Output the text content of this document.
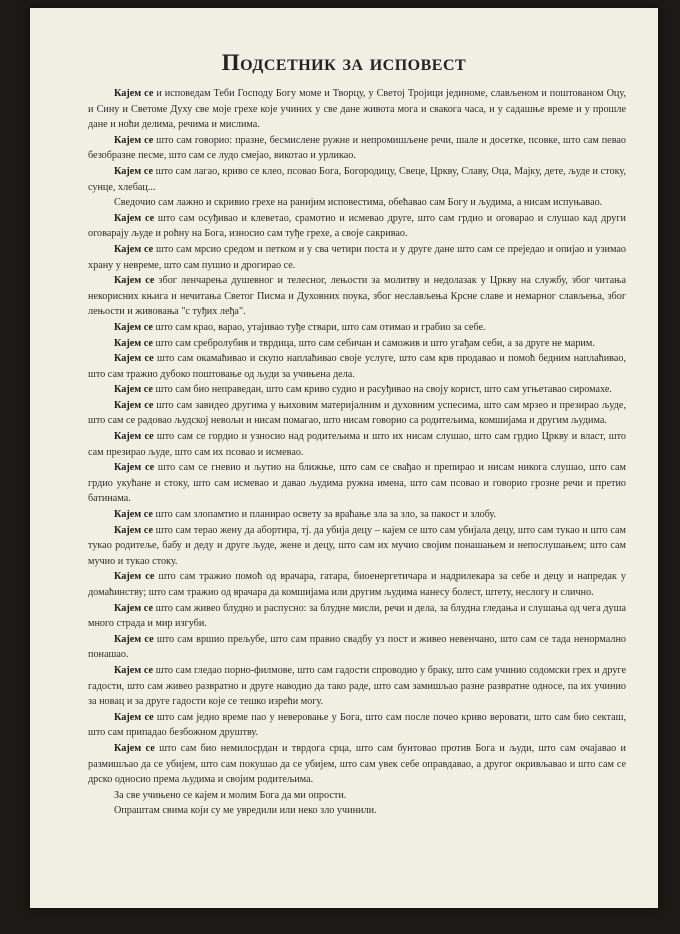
Подсетник за исповест

Кајем се и исповедам Теби Господу Богу моме и Творцу, у Светој Тројици јединоме, слављеном и поштованом Оцу, и Сину и Светоме Духу све моје грехе које учиних у све дане живота мога и свакога часа, и у садашње време и у прошле дане и ноћи делима, речима и мислима.

Кајем се што сам говорио: празне, бесмислене ружне и непромишљене речи, шале и досетке, псовке, што сам певао безобразне песме, што сам се лудо смејао, викотао и урликао.

Кајем се што сам лагао, криво се клео, псовао Бога, Богородицу, Свеце, Цркву, Славу, Оца, Мајку, дете, људе и стоку, сунце, хлебац...

Сведочио сам лажно и скривио грехе на ранијим исповестима, обећавао сам Богу и људима, а нисам испуњавао.

Кајем се што сам осуђивао и клеветао, срамотио и исмевао друге, што сам грдио и оговарао и слушао кад други оговарају људе и роћну на Бога, износио сам туђе грехе, а своје сакривао.

Кајем се што сам мрсио средом и петком и у сва четири поста и у друге дане што сам се преједао и опијао и узимао храну у невреме, што сам пушио и дрогирао се.

Кајем се због ленчарења душевног и телесног, лењости за молитву и недолазак у Цркву на службу, због читања некорисних књига и нечитања Светог Писма и Духовних поука, због неслављења Крсне славе и немарног слављења, због лењости и живовања "с туђих леђа".

Кајем се што сам крао, варао, утајивао туђе ствари, што сам отимао и грабио за себе.

Кајем се што сам сребролубив и тврдица, што сам себичан и саможив и што угађам себи, а за друге не марим.

Кајем се што сам окамаћивао и скупо наплаћивао своје услуге, што сам крв продавао и помоћ бедним наплаћивао, што сам тражио дубоко поштовање од људи за учињена дела.

Кајем се што сам био неправедан, што сам криво судио и расуђивао на своју корист, што сам угњетавао сиромахе.

Кајем се што сам завидео другима у њиховим материјалним и духовним успесима, што сам мрзео и презирао људе, што сам се радовао људској невољи и нисам помагао, што нисам говорио са родитељима, комшијама и другим људима.

Кајем се што сам се гордио и узносио над родитељима и што их нисам слушао, што сам грдио Цркву и власт, што сам презирао људе, што сам их псовао и исмевао.

Кајем се што сам се гневио и љутио на ближње, што сам се свађао и препирао и нисам никога слушао, што сам грдио укућане и стоку, што сам исмевао и давао људима ружна имена, што сам псовао и говорио грозне речи и претио батинама.

Кајем се што сам злопамтио и планирао освету за враћање зла за зло, за пакост и злобу.

Кајем се што сам терао жену да абортира, тј. да убија децу – кајем се што сам убијала децу, што сам тукао и што сам тукао родитеље, бабу и деду и друге људе, жене и децу, што сам их мучио својим понашањем и непослушањем; што сам мучио и тукао стоку.

Кајем се што сам тражио помоћ од врачара, гатара, биоенергетичара и надрилекара за себе и децу и напредак у домаћинству; што сам тражио од врачара да комшијама или другим људима нанесу болест, штету, неслогу и слично.

Кајем се што сам живео блудно и распусно: за блудне мисли, речи и дела, за блудна гледања и слушања од чега душа много страда и мир изгуби.

Кајем се што сам вршио прељубе, што сам правио свадбу уз пост и живео невенчано, што сам се тада ненормално понашао.

Кајем се што сам гледао порно-филмове, што сам гадости спроводио у браку, што сам учинио содомски грех и друге гадости, што сам живео развратно и друге наводио да тако раде, што сам замишљао разне развратне односе, па их учинио за новац и за друге гадости које се тешко изрећи могу.

Кајем се што сам једно време пао у неверовање у Бога, што сам после почео криво веровати, што сам био секташ, што сам припадао безбожном друштву.

Кајем се што сам био немилосрдан и тврдога срца, што сам бунтовао против Бога и људи, што сам очајавао и размишљао да се убијем, што сам покушао да се убијем, што сам увек себе оправдавао, а другог окривљавао и што сам се дрско односио према људима и својим родитељима.

За све учињено се кајем и молим Бога да ми опрости.

Опраштам свима који су ме увредили или неко зло учинили.
